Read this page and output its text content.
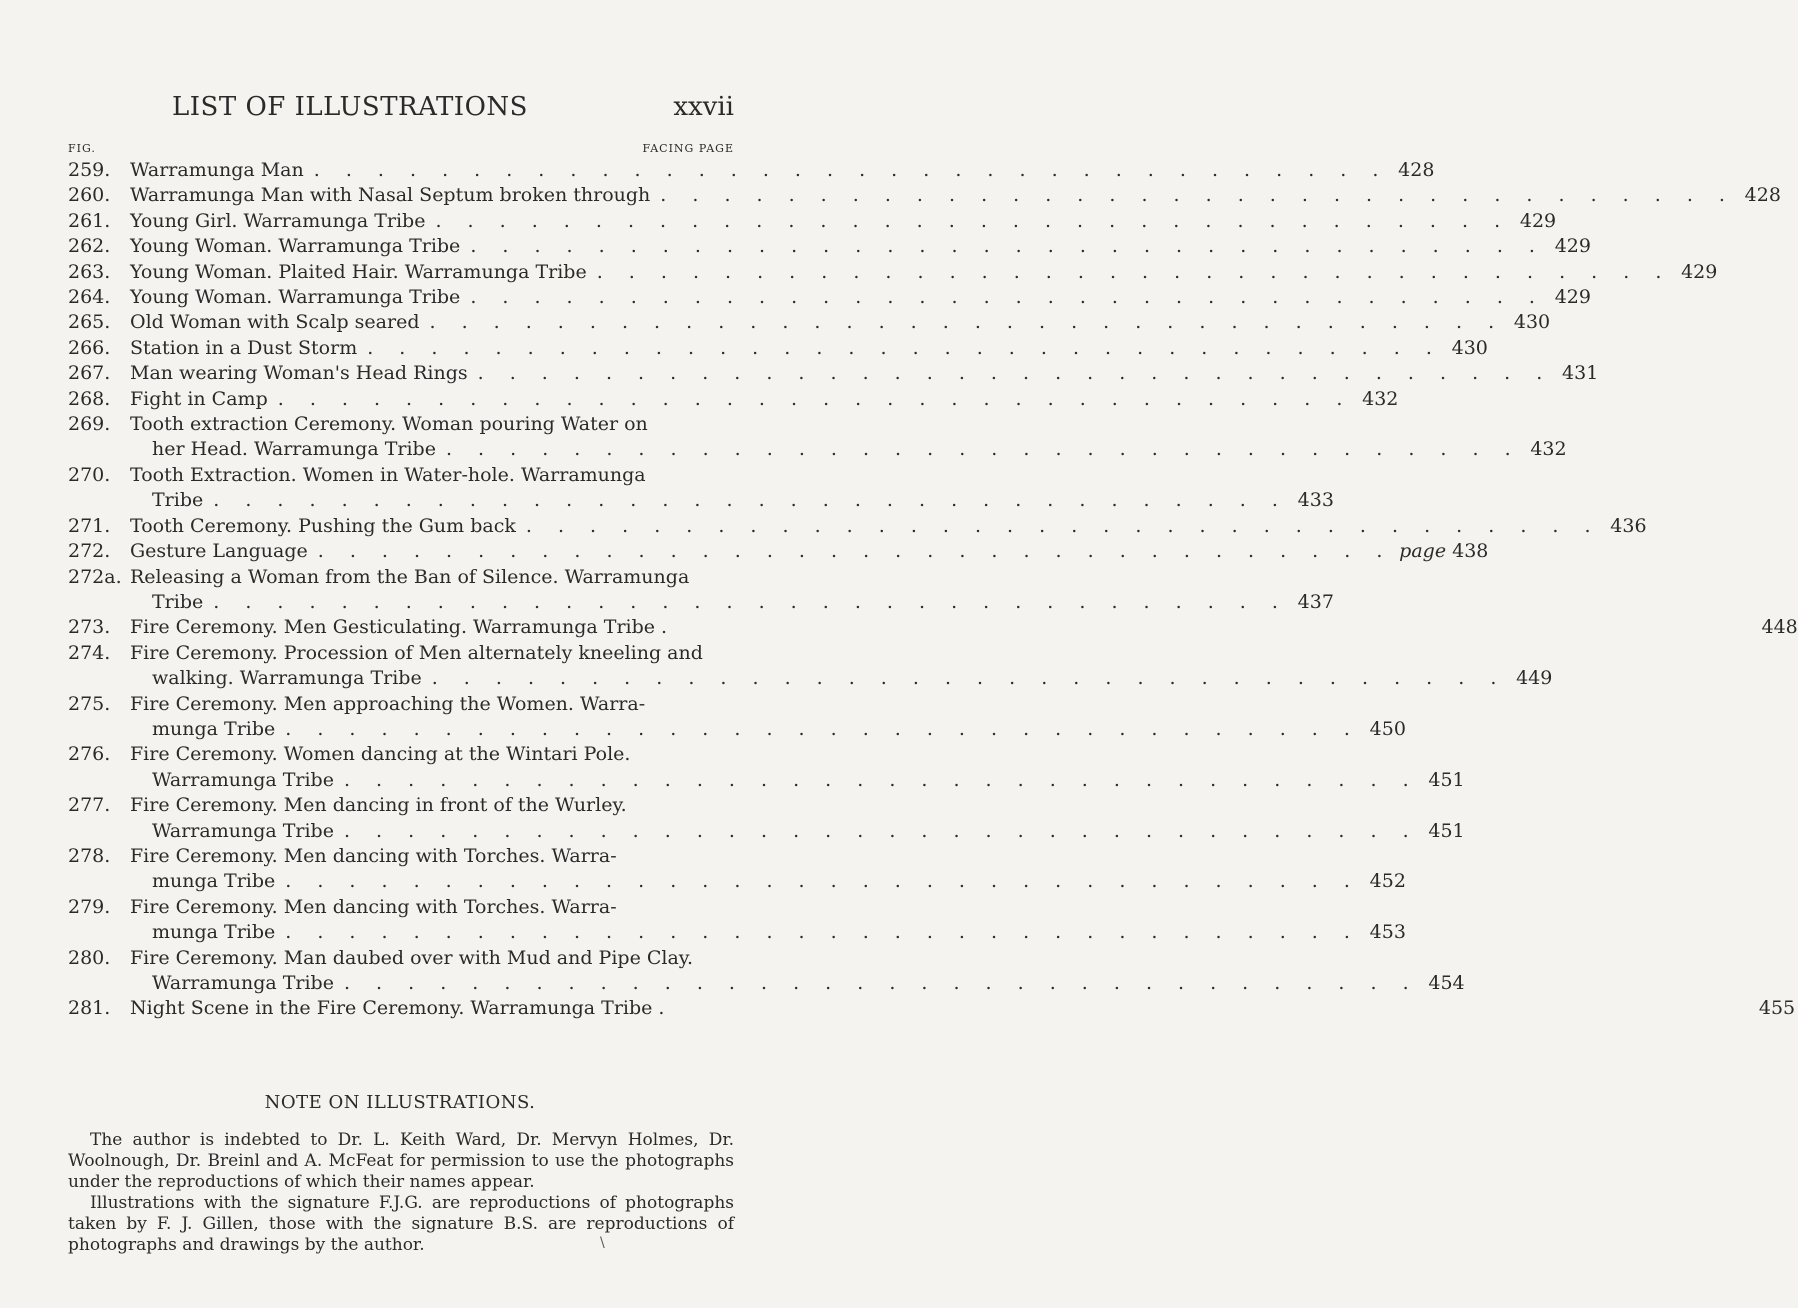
LIST OF ILLUSTRATIONS	xxvii
FIG.	FACING PAGE
259.	Warramunga Man . . .	428
260.	Warramunga Man with Nasal Septum broken through . . .	428
261.	Young Girl. Warramunga Tribe . . .	429
262.	Young Woman. Warramunga Tribe . . .	429
263.	Young Woman. Plaited Hair. Warramunga Tribe . . .	429
264.	Young Woman. Warramunga Tribe . . .	429
265.	Old Woman with Scalp seared . . .	430
266.	Station in a Dust Storm . . .	430
267.	Man wearing Woman's Head Rings . . .	431
268.	Fight in Camp . . .	432
269.	Tooth extraction Ceremony. Woman pouring Water on
her Head. Warramunga Tribe . . .	432
270.	Tooth Extraction. Women in Water-hole. Warramunga
Tribe . . .	433
271.	Tooth Ceremony. Pushing the Gum back . . .	436
272.	Gesture Language . . .	page 438
272a. Releasing a Woman from the Ban of Silence. Warramunga
Tribe . . .	437
273.	Fire Ceremony. Men Gesticulating. Warramunga Tribe .	448
274.	Fire Ceremony. Procession of Men alternately kneeling and
walking. Warramunga Tribe . . .	449
275.	Fire Ceremony. Men approaching the Women. Warra-
munga Tribe . . .	450
276.	Fire Ceremony. Women dancing at the Wintari Pole.
Warramunga Tribe . . .	451
277.	Fire Ceremony. Men dancing in front of the Wurley.
Warramunga Tribe . . .	451
278.	Fire Ceremony. Men dancing with Torches. Warra-
munga Tribe . . .	452
279.	Fire Ceremony. Men dancing with Torches. Warra-
munga Tribe . . .	453
280.	Fire Ceremony. Man daubed over with Mud and Pipe Clay.
Warramunga Tribe . . .	454
281.	Night Scene in the Fire Ceremony. Warramunga Tribe .	455
NOTE ON ILLUSTRATIONS.

The author is indebted to Dr. L. Keith Ward, Dr. Mervyn Holmes, Dr. Woolnough, Dr. Breinl and A. McFeat for permission to use the photographs under the reproductions of which their names appear.

Illustrations with the signature F.J.G. are reproductions of photographs taken by F. J. Gillen, those with the signature B.S. are reproductions of photographs and drawings by the author.	\
